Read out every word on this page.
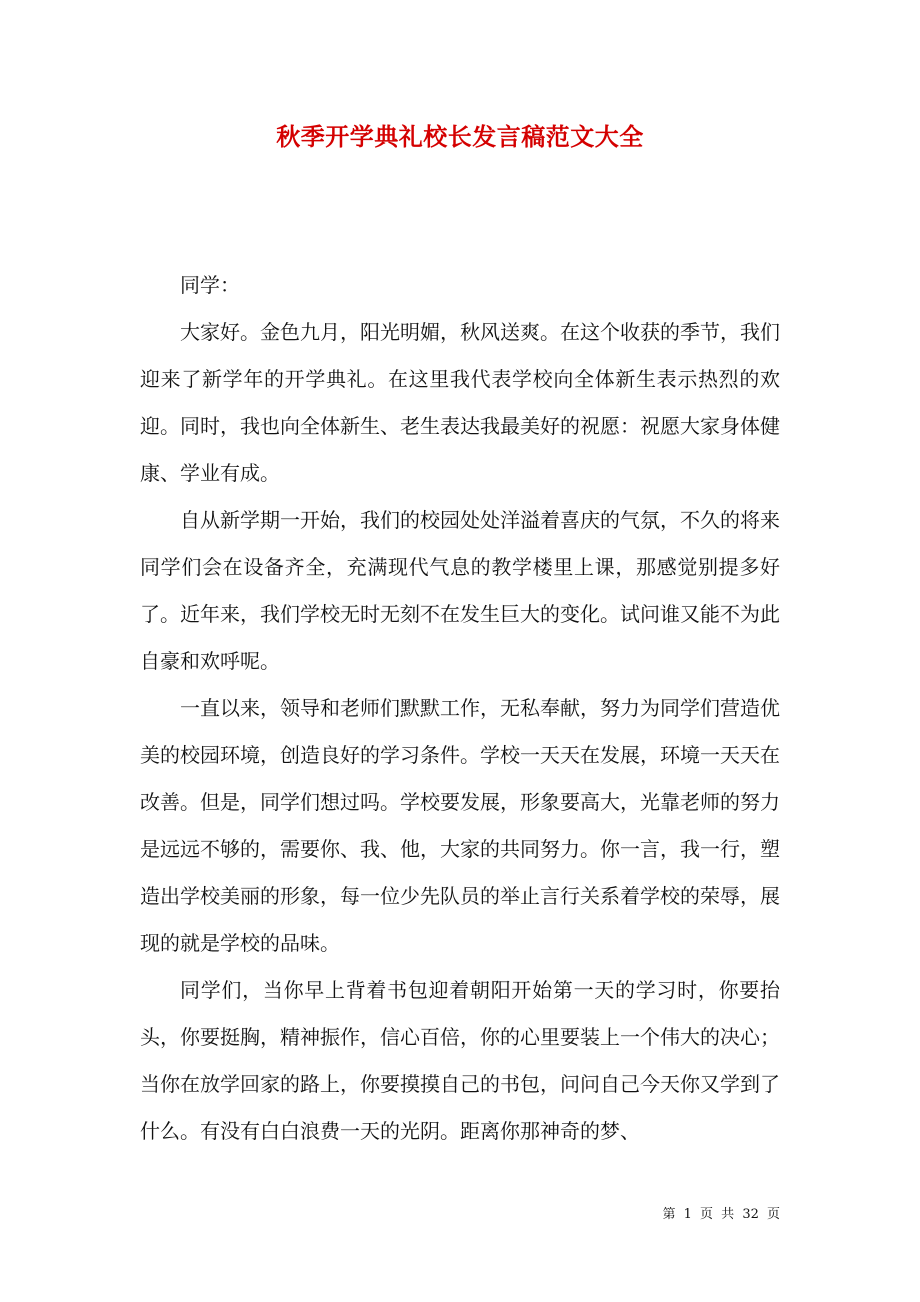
秋季开学典礼校长发言稿范文大全

同学：

大家好。金色九月，阳光明媚，秋风送爽。在这个收获的季节，我们迎来了新学年的开学典礼。在这里我代表学校向全体新生表示热烈的欢迎。同时，我也向全体新生、老生表达我最美好的祝愿：祝愿大家身体健康、学业有成。

自从新学期一开始，我们的校园处处洋溢着喜庆的气氛，不久的将来同学们会在设备齐全，充满现代气息的教学楼里上课，那感觉别提多好了。近年来，我们学校无时无刻不在发生巨大的变化。试问谁又能不为此自豪和欢呼呢。

一直以来，领导和老师们默默工作，无私奉献，努力为同学们营造优美的校园环境，创造良好的学习条件。学校一天天在发展，环境一天天在改善。但是，同学们想过吗。学校要发展，形象要高大，光靠老师的努力是远远不够的，需要你、我、他，大家的共同努力。你一言，我一行，塑造出学校美丽的形象，每一位少先队员的举止言行关系着学校的荣辱，展现的就是学校的品味。

同学们，当你早上背着书包迎着朝阳开始第一天的学习时，你要抬头，你要挺胸，精神振作，信心百倍，你的心里要装上一个伟大的决心；当你在放学回家的路上，你要摸摸自己的书包，问问自己今天你又学到了什么。有没有白白浪费一天的光阴。距离你那神奇的梦、

第 1 页 共 32 页
